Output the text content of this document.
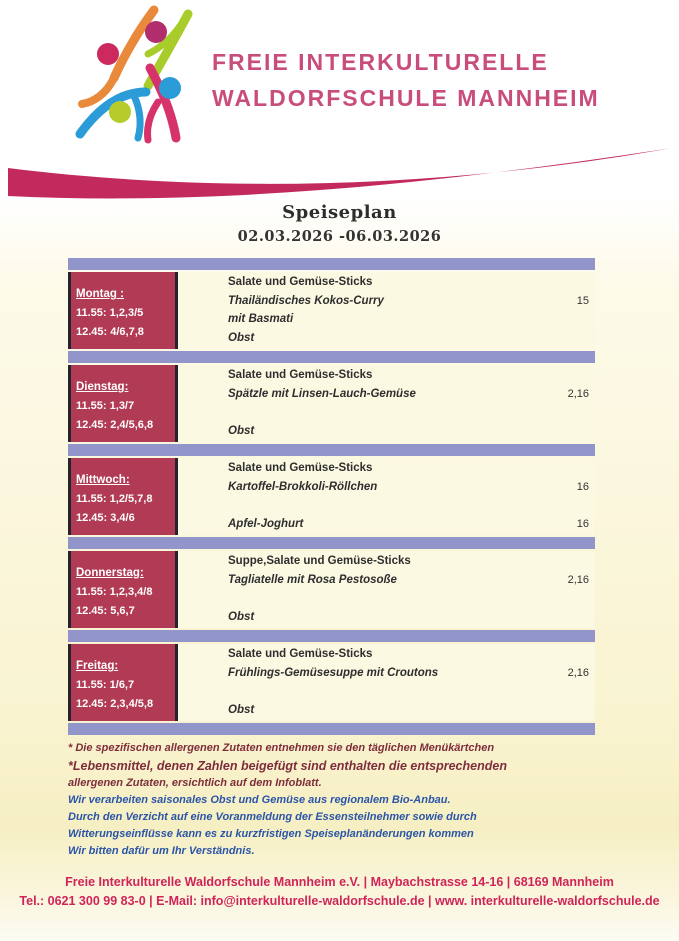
FREIE INTERKULTURELLE
WALDORFSCHULE MANNHEIM
Speiseplan
02.03.2026 -06.03.2026
Montag :
11.55: 1,2,3/5
12.45: 4/6,7,8
Salate und Gemüse-Sticks
Thailändisches Kokos-Curry	15
mit Basmati
Obst
Dienstag:
11.55: 1,3/7
12.45: 2,4/5,6,8
Salate und Gemüse-Sticks
Spätzle mit Linsen-Lauch-Gemüse	2,16
Obst
Mittwoch:
11.55: 1,2/5,7,8
12.45: 3,4/6
Salate und Gemüse-Sticks
Kartoffel-Brokkoli-Röllchen	16
Apfel-Joghurt	16
Donnerstag:
11.55: 1,2,3,4/8
12.45: 5,6,7
Suppe,Salate und Gemüse-Sticks
Tagliatelle mit Rosa Pestosoße	2,16
Obst
Freitag:
11.55: 1/6,7
12.45: 2,3,4/5,8
Salate und Gemüse-Sticks
Frühlings-Gemüsesuppe mit Croutons	2,16
Obst
* Die spezifischen allergenen Zutaten entnehmen sie den täglichen Menükärtchen
*Lebensmittel, denen Zahlen beigefügt sind enthalten die entsprechenden
allergenen Zutaten, ersichtlich auf dem Infoblatt.
Wir verarbeiten saisonales Obst und Gemüse aus regionalem Bio-Anbau.
Durch den Verzicht auf eine Voranmeldung der Essensteilnehmer sowie durch
Witterungseinflüsse kann es zu kurzfristigen Speiseplanänderungen kommen
Wir bitten dafür um Ihr Verständnis.
Freie Interkulturelle Waldorfschule Mannheim e.V. | Maybachstrasse 14-16 | 68169 Mannheim
Tel.: 0621 300 99 83-0 | E-Mail: info@interkulturelle-waldorfschule.de | www. interkulturelle-waldorfschule.de
